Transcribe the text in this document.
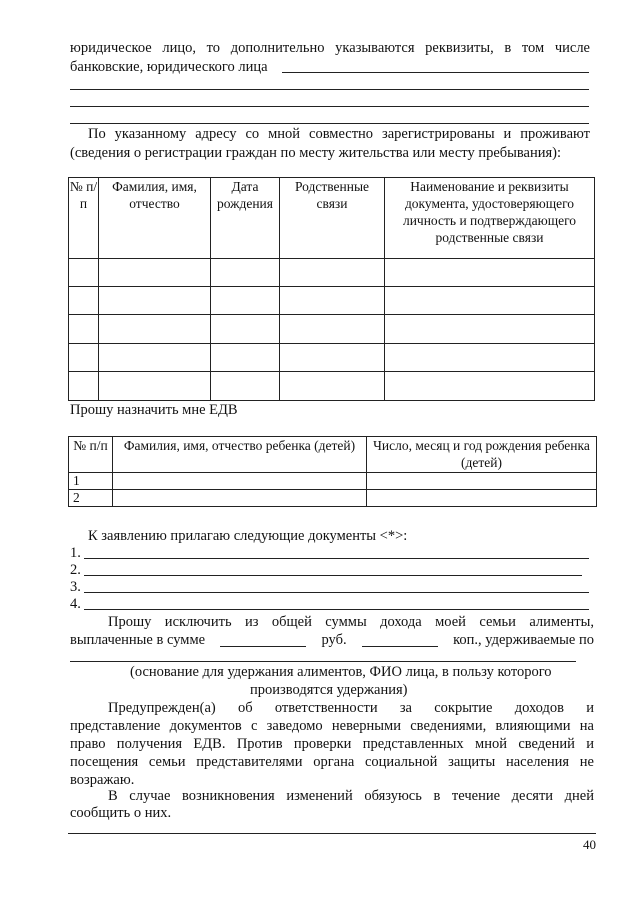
юридическое лицо, то дополнительно указываются реквизиты, в том числе
банковские, юридического лица
По указанному адресу со мной совместно зарегистрированы и проживают
(сведения о регистрации граждан по месту жительства или месту пребывания):
№ п/п	Фамилия, имя, отчество	Дата рождения	Родственные связи	Наименование и реквизиты документа, удостоверяющего личность и подтверждающего родственные связи

Прошу назначить мне ЕДВ
№ п/п	Фамилия, имя, отчество ребенка (детей)	Число, месяц и год рождения ребенка (детей)
1		
2		
К заявлению прилагаю следующие документы <*>:
1.
2.
3.
4.
Прошу исключить из общей суммы дохода моей семьи алименты,
выплаченные в сумме	руб.	коп., удерживаемые по
(основание для удержания алиментов, ФИО лица, в пользу которого
производятся удержания)
Предупрежден(а) об ответственности за сокрытие доходов и
представление документов с заведомо неверными сведениями, влияющими на
право получения ЕДВ. Против проверки представленных мной сведений и
посещения семьи представителями органа социальной защиты населения не
возражаю.
В случае возникновения изменений обязуюсь в течение десяти дней
сообщить о них.
40
